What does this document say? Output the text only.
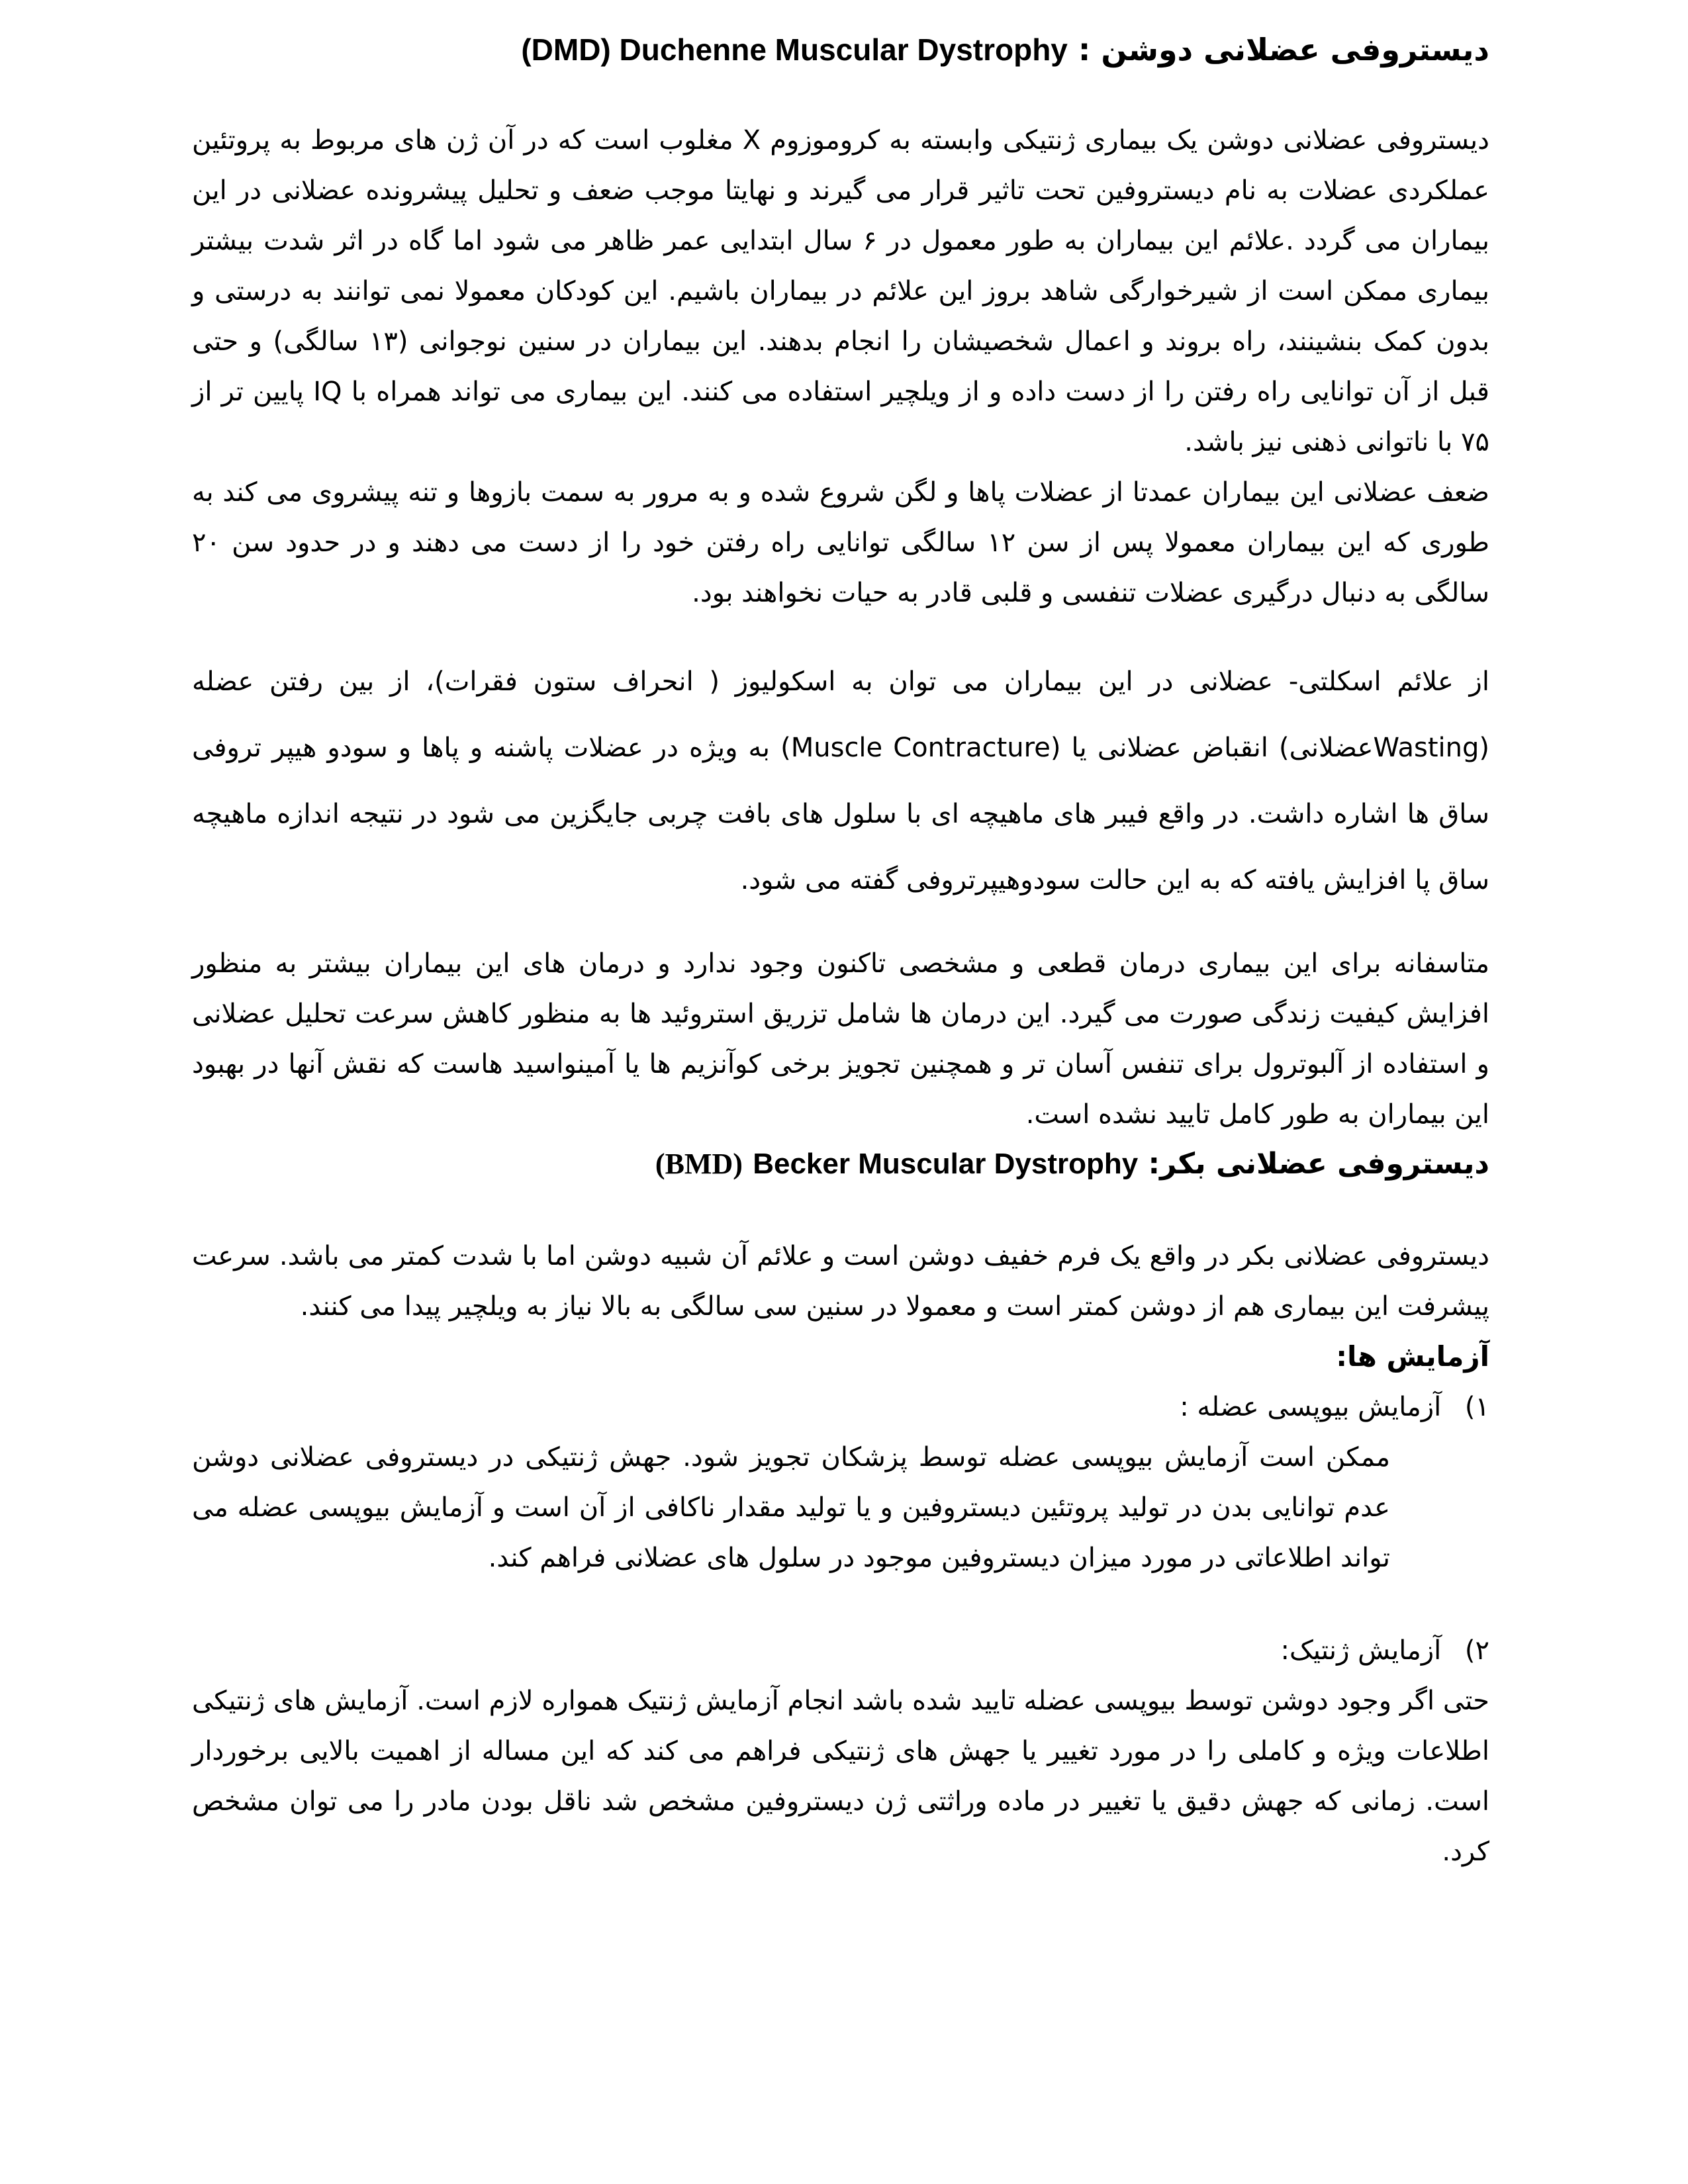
دیستروفی عضلانی دوشن : (DMD) Duchenne Muscular Dystrophy

دیستروفی عضلانی دوشن یک بیماری ژنتیکی وابسته به کروموزوم X مغلوب است که در آن ژن های مربوط به پروتئین عملکردی عضلات به نام دیستروفین تحت تاثیر قرار می گیرند و نهایتا موجب ضعف و تحلیل پیشرونده عضلانی در این بیماران می گردد .علائم این بیماران به طور معمول در ۶ سال ابتدایی عمر ظاهر می شود اما گاه در اثر شدت بیشتر بیماری ممکن است از شیرخوارگی شاهد بروز این علائم در بیماران باشیم. این کودکان معمولا نمی توانند به درستی و بدون کمک بنشینند، راه بروند و اعمال شخصیشان را انجام بدهند. این بیماران در سنین نوجوانی (۱۳ سالگی) و حتی قبل از آن توانایی راه رفتن را از دست داده و از ویلچیر استفاده می کنند. این بیماری می تواند همراه با IQ پایین تر از ۷۵ با ناتوانی ذهنی نیز باشد.

ضعف عضلانی این بیماران عمدتا از عضلات پاها و لگن شروع شده و به مرور به سمت بازوها و تنه پیشروی می کند به طوری که این بیماران معمولا پس از سن ۱۲ سالگی توانایی راه رفتن خود را از دست می دهند و در حدود سن ۲۰ سالگی به دنبال درگیری عضلات تنفسی و قلبی قادر به حیات نخواهند بود.

از علائم اسکلتی- عضلانی در این بیماران می توان به اسکولیوز ( انحراف ستون فقرات)، از بین رفتن عضله (Wastingعضلانی) انقباض عضلانی یا (Muscle Contracture) به ویژه در عضلات پاشنه و پاها و سودو هیپر تروفی ساق ها اشاره داشت. در واقع فیبر های ماهیچه ای با سلول های بافت چربی جایگزین می شود در نتیجه اندازه ماهیچه ساق پا افزایش یافته که به این حالت سودوهیپرتروفی گفته می شود.

متاسفانه برای این بیماری درمان قطعی و مشخصی تاکنون وجود ندارد و درمان های این بیماران بیشتر به منظور افزایش کیفیت زندگی صورت می گیرد. این درمان ها شامل تزریق استروئید ها به منظور کاهش سرعت تحلیل عضلانی و استفاده از آلبوترول برای تنفس آسان تر و همچنین تجویز برخی کوآنزیم ها یا آمینواسید هاست که نقش آنها در بهبود این بیماران به طور کامل تایید نشده است.

دیستروفی عضلانی بکر: Becker Muscular Dystrophy (BMD)

دیستروفی عضلانی بکر در واقع یک فرم خفیف دوشن است و علائم آن شبیه دوشن اما با شدت کمتر می باشد. سرعت پیشرفت این بیماری هم از دوشن کمتر است و معمولا در سنین سی سالگی به بالا نیاز به ویلچیر پیدا می کنند.

آزمایش ها:
۱) آزمایش بیوپسی عضله :

ممکن است آزمایش بیوپسی عضله توسط پزشکان تجویز شود. جهش ژنتیکی در دیستروفی عضلانی دوشن عدم توانایی بدن در تولید پروتئین دیستروفین و یا تولید مقدار ناکافی از آن است و آزمایش بیوپسی عضله می تواند اطلاعاتی در مورد میزان دیستروفین موجود در سلول های عضلانی فراهم کند.

۲) آزمایش ژنتیک:

حتی اگر وجود دوشن توسط بیوپسی عضله تایید شده باشد انجام آزمایش ژنتیک همواره لازم است. آزمایش های ژنتیکی اطلاعات ویژه و کاملی را در مورد تغییر یا جهش های ژنتیکی فراهم می کند که این مساله از اهمیت بالایی برخوردار است. زمانی که جهش دقیق یا تغییر در ماده وراثتی ژن دیستروفین مشخص شد ناقل بودن مادر را می توان مشخص کرد.
